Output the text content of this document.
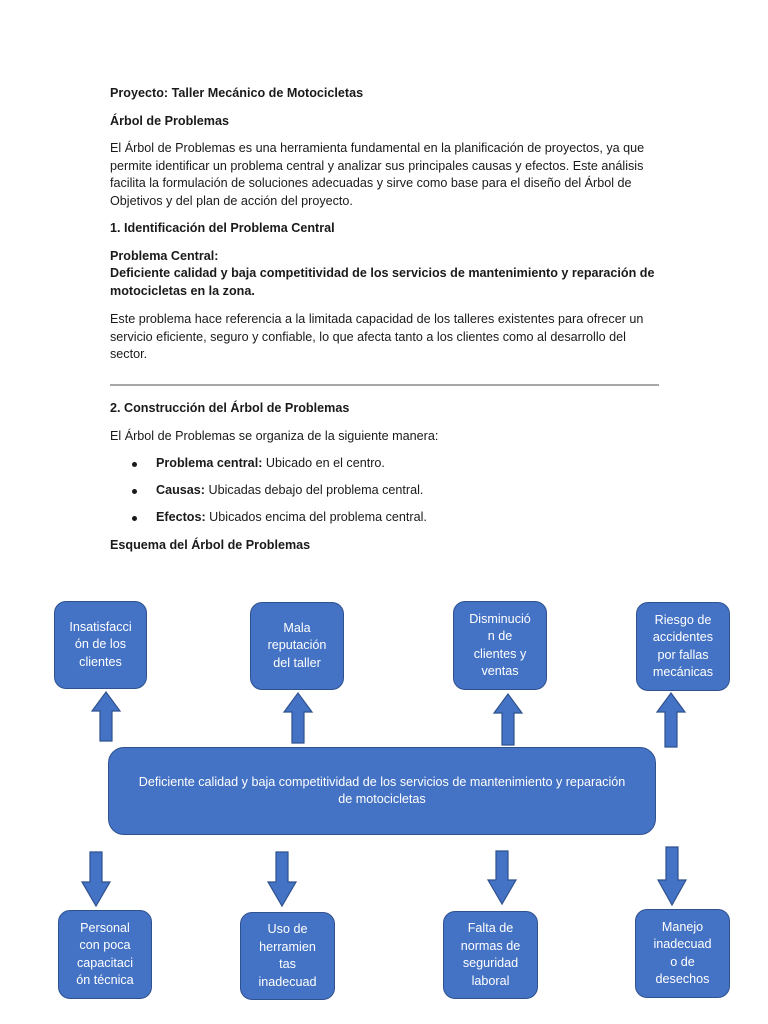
Proyecto: Taller Mecánico de Motocicletas
Árbol de Problemas
El Árbol de Problemas es una herramienta fundamental en la planificación de proyectos, ya que permite identificar un problema central y analizar sus principales causas y efectos. Este análisis facilita la formulación de soluciones adecuadas y sirve como base para el diseño del Árbol de Objetivos y del plan de acción del proyecto.
1. Identificación del Problema Central
Problema Central:
Deficiente calidad y baja competitividad de los servicios de mantenimiento y reparación de motocicletas en la zona.
Este problema hace referencia a la limitada capacidad de los talleres existentes para ofrecer un servicio eficiente, seguro y confiable, lo que afecta tanto a los clientes como al desarrollo del sector.
2. Construcción del Árbol de Problemas
El Árbol de Problemas se organiza de la siguiente manera:
Problema central: Ubicado en el centro.
Causas: Ubicadas debajo del problema central.
Efectos: Ubicados encima del problema central.
Esquema del Árbol de Problemas
Insatisfacci
ón de los
clientes
Mala
reputación
del taller
Disminució
n de
clientes y
ventas
Riesgo de
accidentes
por fallas
mecánicas
Deficiente calidad y baja competitividad de los servicios de mantenimiento y reparación
de motocicletas
Personal
con poca
capacitaci
ón técnica
Uso de
herramien
tas
inadecuad
Falta de
normas de
seguridad
laboral
Manejo
inadecuad
o de
desechos
